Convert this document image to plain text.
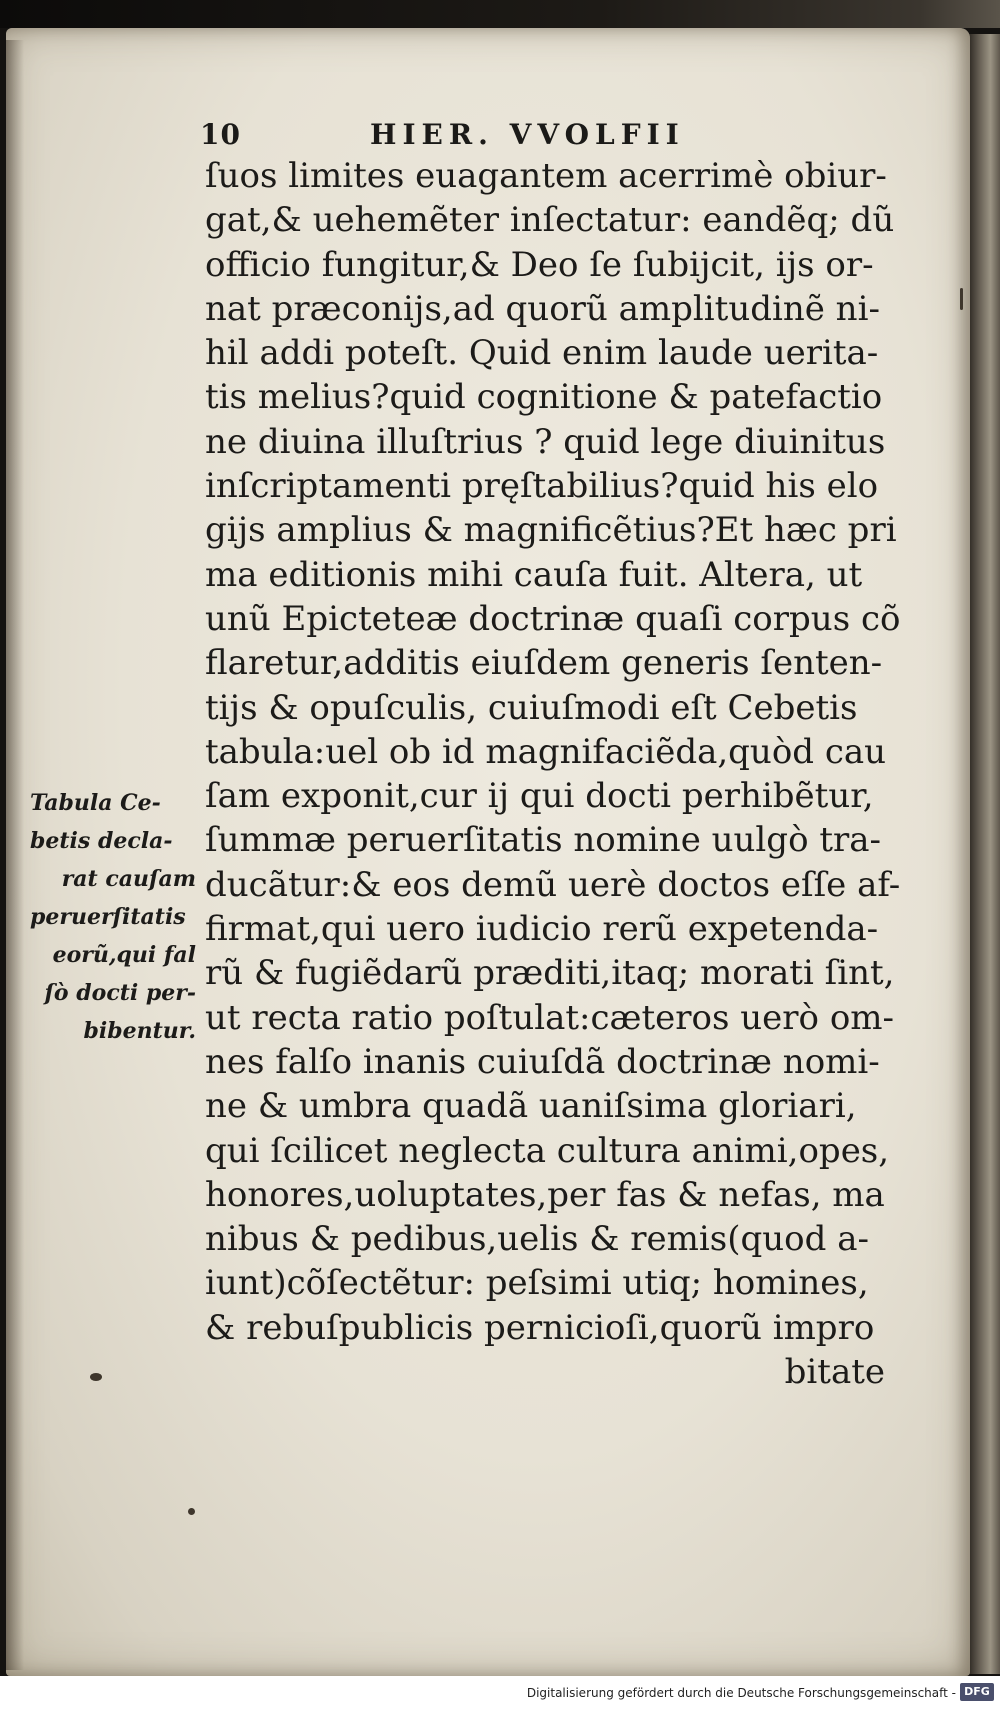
10	HIER. VVOLFII
ſuos limites euagantem acerrimè obiur-
gat,& uehemẽter inſectatur: eandẽq; dũ
officio fungitur,& Deo ſe ſubijcit, ijs or-
nat præconijs,ad quorũ amplitudinẽ ni-
hil addi poteſt. Quid enim laude uerita-
tis melius?quid cognitione & patefactio
ne diuina illuſtrius ? quid lege diuinitus
inſcriptamenti pręſtabilius?quid his elo
gijs amplius & magnificẽtius?Et hæc pri
ma editionis mihi cauſa fuit. Altera, ut
unũ Epicteteæ doctrinæ quaſi corpus cõ
flaretur,additis eiuſdem generis ſenten-
tijs & opuſculis, cuiuſmodi eſt Cebetis
tabula:uel ob id magnifaciẽda,quòd cau
ſam exponit,cur ij qui docti perhibẽtur,
ſummæ peruerſitatis nomine uulgò tra-
ducãtur:& eos demũ uerè doctos eſſe af-
firmat,qui uero iudicio rerũ expetenda-
rũ & fugiẽdarũ præditi,itaq; morati ſint,
ut recta ratio poſtulat:cæteros uerò om-
nes falſo inanis cuiuſdã doctrinæ nomi-
ne & umbra quadã uaniſsima gloriari,
qui ſcilicet neglecta cultura animi,opes,
honores,uoluptates,per fas & nefas, ma
nibus & pedibus,uelis & remis(quod a-
iunt)cõſectẽtur: peſsimi utiq; homines,
& rebuſpublicis pernicioſi,quorũ impro
bitate
Tabula Ce-
betis decla-
rat cauſam
peruerſitatis
eorũ,qui fal
ſò docti per-
bibentur.
Digitalisierung gefördert durch die Deutsche Forschungsgemeinschaft - DFG
